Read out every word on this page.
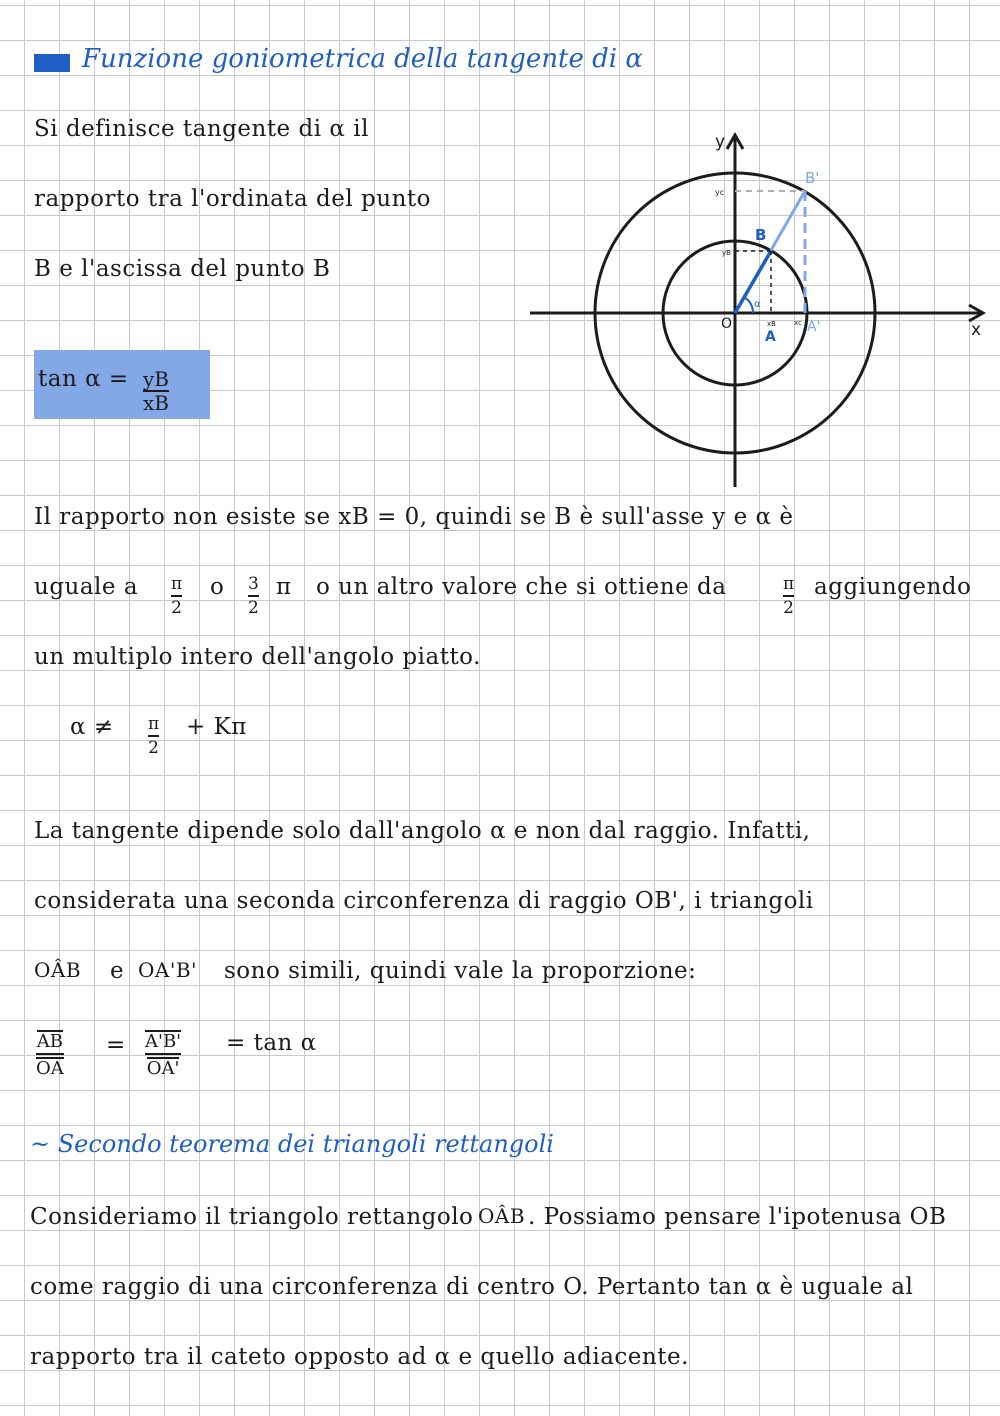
Funzione goniometrica della tangente di α
Si definisce tangente di α il
rapporto tra l'ordinata del punto
B e l'ascissa del punto B
tan α = yB
xB
α
y
x
O
B
B'
A
A'
yc
yB
xB	xc
Il rapporto non esiste se xB = 0, quindi se B è sull'asse y e α è
uguale a π
2
o 3
2
π o un altro valore che si ottiene da	π
2
aggiungendo
un multiplo intero dell'angolo piatto.
α ≠ π
2
+ Kπ
La tangente dipende solo dall'angolo α e non dal raggio. Infatti,
considerata una seconda circonferenza di raggio OB', i triangoli
OÂB e OA'B' sono simili, quindi vale la proporzione:
$\frac{AB}{OA} = \frac{A'B'}{OA'} = \tan \alpha$
~ Secondo teorema dei triangoli rettangoli
Consideriamo il triangolo rettangolo OÂB . Possiamo pensare l'ipotenusa OB
come raggio di una circonferenza di centro O. Pertanto tan α è uguale al
rapporto tra il cateto opposto ad α e quello adiacente.
